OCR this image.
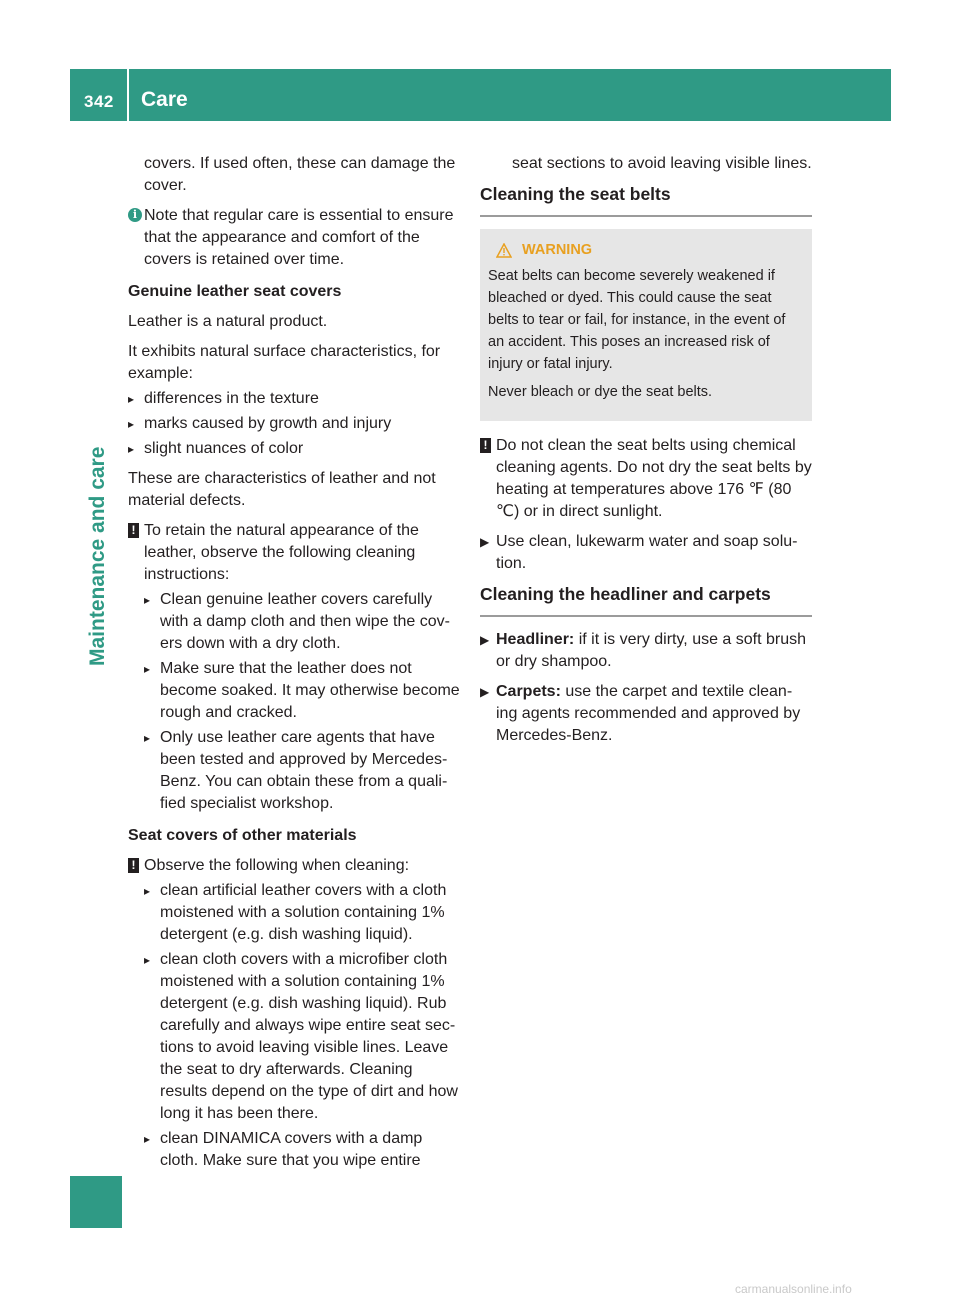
342 Care
Maintenance and care

covers. If used often, these can damage the cover.

i Note that regular care is essential to ensure that the appearance and comfort of the covers is retained over time.
Genuine leather seat covers

Leather is a natural product.

It exhibits natural surface characteristics, for example:

▸ differences in the texture
▸ marks caused by growth and injury
▸ slight nuances of color

These are characteristics of leather and not material defects.

! To retain the natural appearance of the leather, observe the following cleaning instructions:
▸ Clean genuine leather covers carefully with a damp cloth and then wipe the cov-ers down with a dry cloth.
▸ Make sure that the leather does not become soaked. It may otherwise become rough and cracked.
▸ Only use leather care agents that have been tested and approved by Mercedes-Benz. You can obtain these from a quali-fied specialist workshop.
Seat covers of other materials
! Observe the following when cleaning:
▸ clean artificial leather covers with a cloth moistened with a solution containing 1% detergent (e.g. dish washing liquid).
▸ clean cloth covers with a microfiber cloth moistened with a solution containing 1% detergent (e.g. dish washing liquid). Rub carefully and always wipe entire seat sec-tions to avoid leaving visible lines. Leave the seat to dry afterwards. Cleaning results depend on the type of dirt and how long it has been there.
▸ clean DINAMICA covers with a damp cloth. Make sure that you wipe entire

seat sections to avoid leaving visible lines.

Cleaning the seat belts
WARNING

Seat belts can become severely weakened if bleached or dyed. This could cause the seat belts to tear or fail, for instance, in the event of an accident. This poses an increased risk of injury or fatal injury.

Never bleach or dye the seat belts.

! Do not clean the seat belts using chemical cleaning agents. Do not dry the seat belts by heating at temperatures above 176 ℉ (80 ℃) or in direct sunlight.
▶ Use clean, lukewarm water and soap solu-tion.
Cleaning the headliner and carpets
▶ Headliner: if it is very dirty, use a soft brush or dry shampoo.
▶ Carpets: use the carpet and textile clean-ing agents recommended and approved by Mercedes-Benz.
carmanualsonline.info
